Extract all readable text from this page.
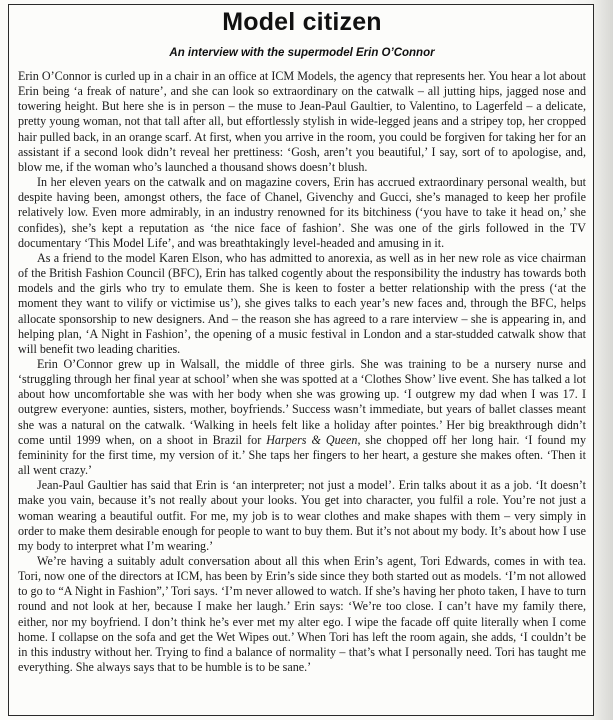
Model citizen
An interview with the supermodel Erin O’Connor

Erin O’Connor is curled up in a chair in an office at ICM Models, the agency that represents her. You hear a lot about Erin being ‘a freak of nature’, and she can look so extraordinary on the catwalk – all jutting hips, jagged nose and towering height. But here she is in person – the muse to Jean-Paul Gaultier, to Valentino, to Lagerfeld – a delicate, pretty young woman, not that tall after all, but effortlessly stylish in wide-legged jeans and a stripey top, her cropped hair pulled back, in an orange scarf. At first, when you arrive in the room, you could be forgiven for taking her for an assistant if a second look didn’t reveal her prettiness: ‘Gosh, aren’t you beautiful,’ I say, sort of to apologise, and, blow me, if the woman who’s launched a thousand shows doesn’t blush.

In her eleven years on the catwalk and on magazine covers, Erin has accrued extraordinary personal wealth, but despite having been, amongst others, the face of Chanel, Givenchy and Gucci, she’s managed to keep her profile relatively low. Even more admirably, in an industry renowned for its bitchiness (‘you have to take it head on,’ she confides), she’s kept a reputation as ‘the nice face of fashion’. She was one of the girls followed in the TV documentary ‘This Model Life’, and was breathtakingly level-headed and amusing in it.

As a friend to the model Karen Elson, who has admitted to anorexia, as well as in her new role as vice chairman of the British Fashion Council (BFC), Erin has talked cogently about the responsibility the industry has towards both models and the girls who try to emulate them. She is keen to foster a better relationship with the press (‘at the moment they want to vilify or victimise us’), she gives talks to each year’s new faces and, through the BFC, helps allocate sponsorship to new designers. And – the reason she has agreed to a rare interview – she is appearing in, and helping plan, ‘A Night in Fashion’, the opening of a music festival in London and a star-studded catwalk show that will benefit two leading charities.

Erin O’Connor grew up in Walsall, the middle of three girls. She was training to be a nursery nurse and ‘struggling through her final year at school’ when she was spotted at a ‘Clothes Show’ live event. She has talked a lot about how uncomfortable she was with her body when she was growing up. ‘I outgrew my dad when I was 17. I outgrew everyone: aunties, sisters, mother, boyfriends.’ Success wasn’t immediate, but years of ballet classes meant she was a natural on the catwalk. ‘Walking in heels felt like a holiday after pointes.’ Her big breakthrough didn’t come until 1999 when, on a shoot in Brazil for Harpers & Queen, she chopped off her long hair. ‘I found my femininity for the first time, my version of it.’ She taps her fingers to her heart, a gesture she makes often. ‘Then it all went crazy.’

Jean-Paul Gaultier has said that Erin is ‘an interpreter; not just a model’. Erin talks about it as a job. ‘It doesn’t make you vain, because it’s not really about your looks. You get into character, you fulfil a role. You’re not just a woman wearing a beautiful outfit. For me, my job is to wear clothes and make shapes with them – very simply in order to make them desirable enough for people to want to buy them. But it’s not about my body. It’s about how I use my body to interpret what I’m wearing.’

We’re having a suitably adult conversation about all this when Erin’s agent, Tori Edwards, comes in with tea. Tori, now one of the directors at ICM, has been by Erin’s side since they both started out as models. ‘I’m not allowed to go to “A Night in Fashion”,’ Tori says. ‘I’m never allowed to watch. If she’s having her photo taken, I have to turn round and not look at her, because I make her laugh.’ Erin says: ‘We’re too close. I can’t have my family there, either, nor my boyfriend. I don’t think he’s ever met my alter ego. I wipe the facade off quite literally when I come home. I collapse on the sofa and get the Wet Wipes out.’ When Tori has left the room again, she adds, ‘I couldn’t be in this industry without her. Trying to find a balance of normality – that’s what I personally need. Tori has taught me everything. She always says that to be humble is to be sane.’
